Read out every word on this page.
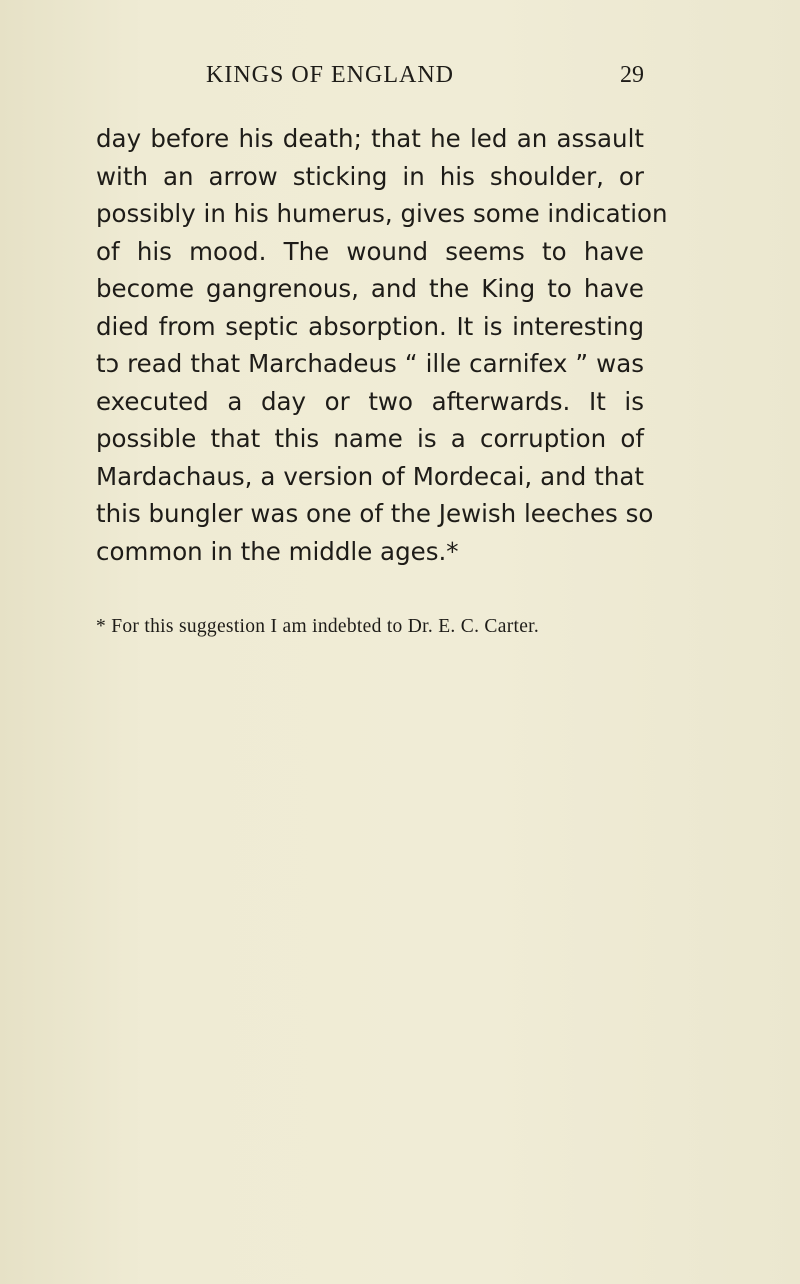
KINGS OF ENGLAND	29
day before his death; that he led an assault
with an arrow sticking in his shoulder, or
possibly in his humerus, gives some indication
of his mood. The wound seems to have
become gangrenous, and the King to have
died from septic absorption. It is interesting
tɔ read that Marchadeus “ ille carnifex ” was
executed a day or two afterwards. It is
possible that this name is a corruption of
Mardachaus, a version of Mordecai, and that
this bungler was one of the Jewish leeches so
common in the middle ages.*
* For this suggestion I am indebted to Dr. E. C. Carter.
